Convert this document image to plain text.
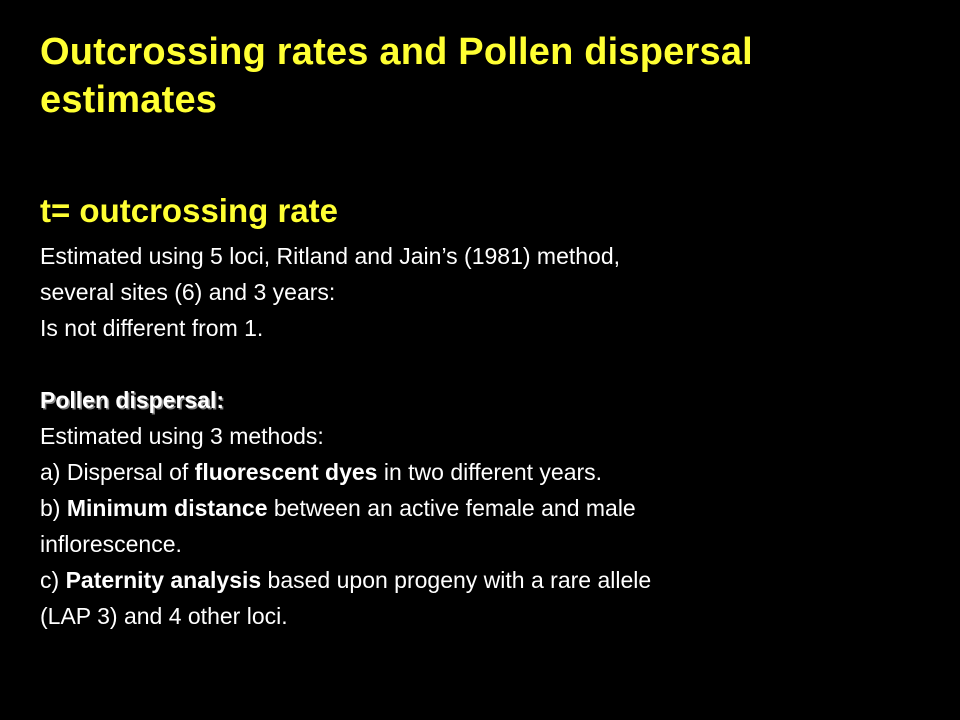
Outcrossing rates and Pollen dispersal estimates
t= outcrossing rate
Estimated using 5 loci, Ritland and Jain’s (1981) method,
several sites (6) and 3 years:
Is not different from 1.
Pollen dispersal:
Estimated using 3 methods:
a) Dispersal of fluorescent dyes in two different years.
b) Minimum distance between an active female and male
inflorescence.
c) Paternity analysis based upon progeny with a rare allele
(LAP 3) and 4 other loci.
